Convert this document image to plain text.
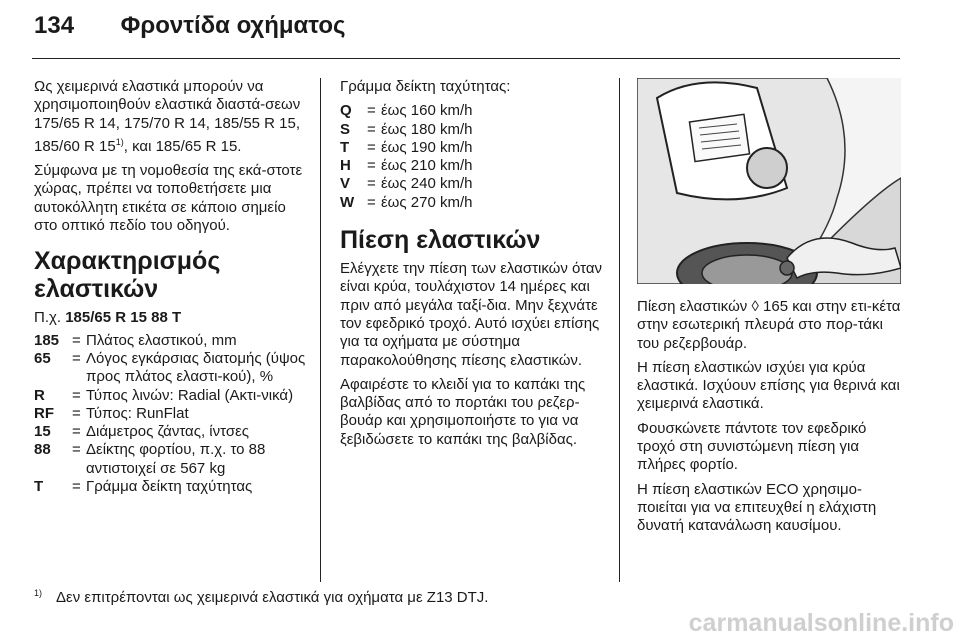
134 Φροντίδα οχήματος

Ως χειμερινά ελαστικά μπορούν να χρησιμοποιηθούν ελαστικά διαστά-σεων 175/65 R 14, 175/70 R 14, 185/55 R 15, 185/60 R 15$^{1)}$, και 185/65 R 15.

Σύμφωνα με τη νομοθεσία της εκά-στοτε χώρας, πρέπει να τοποθετήσετε μια αυτοκόλλητη ετικέτα σε κάποιο σημείο στο οπτικό πεδίο του οδηγού.

Χαρακτηρισμός ελαστικών
Π.χ. 185/65 R 15 88 T
185 = Πλάτος ελαστικού, mm
65	= Λόγος εγκάρσιας διατομής (ύψος προς πλάτος ελαστι-κού), %
R	= Τύπος λινών: Radial (Ακτι-νικά)
RF	= Τύπος: RunFlat
15	= Διάμετρος ζάντας, ίντσες
88	= Δείκτης φορτίου, π.χ. το 88 αντιστοιχεί σε 567 kg
T	= Γράμμα δείκτη ταχύτητας

Γράμμα δείκτη ταχύτητας:

Q	= έως 160 km/h
S	= έως 180 km/h
T	= έως 190 km/h
H	= έως 210 km/h
V	= έως 240 km/h
W = έως 270 km/h
Πίεση ελαστικών

Ελέγχετε την πίεση των ελαστικών όταν είναι κρύα, τουλάχιστον 14 ημέρες και πριν από μεγάλα ταξί-δια. Μην ξεχνάτε τον εφεδρικό τροχό. Αυτό ισχύει επίσης για τα οχήματα με σύστημα παρακολούθησης πίεσης ελαστικών.

Αφαιρέστε το κλειδί για το καπάκι της βαλβίδας από το πορτάκι του ρεζερ-βουάρ και χρησιμοποιήστε το για να ξεβιδώσετε το καπάκι της βαλβίδας.

Πίεση ελαστικών ◊ 165 και στην ετι-κέτα στην εσωτερική πλευρά στο πορ-τάκι του ρεζερβουάρ.

Η πίεση ελαστικών ισχύει για κρύα ελαστικά. Ισχύουν επίσης για θερινά και χειμερινά ελαστικά.

Φουσκώνετε πάντοτε τον εφεδρικό τροχό στη συνιστώμενη πίεση για πλήρες φορτίο.

Η πίεση ελαστικών ECO χρησιμο-ποιείται για να επιτευχθεί η ελάχιστη δυνατή κατανάλωση καυσίμου.

$^{1)}$ Δεν επιτρέπονται ως χειμερινά ελαστικά για οχήματα με Z13 DTJ.
carmanualsonline.info
